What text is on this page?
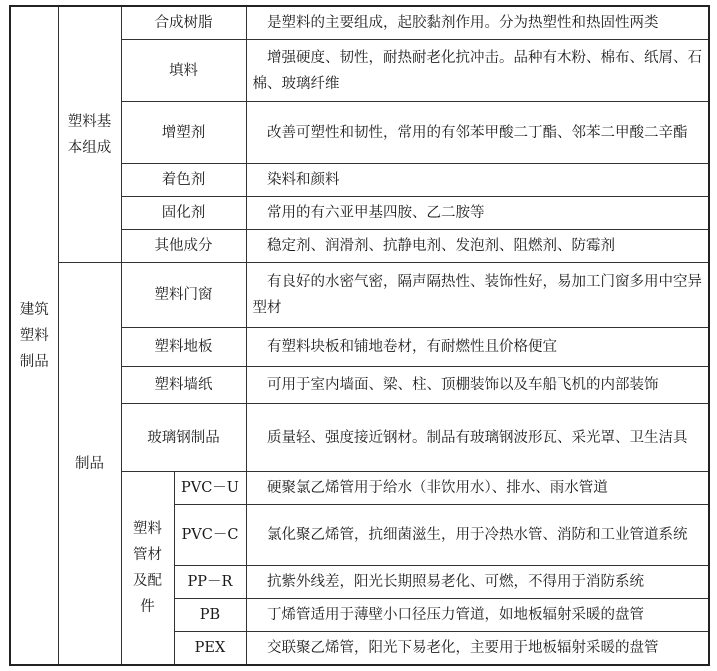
建筑塑料制品	塑料基本组成	合成树脂		是塑料的主要组成，起胶黏剂作用。分为热塑性和热固性两类
		填料		增强硬度、韧性，耐热耐老化抗冲击。品种有木粉、棉布、纸屑、石棉、玻璃纤维
		增塑剂		改善可塑性和韧性，常用的有邻苯甲酸二丁酯、邻苯二甲酸二辛酯
		着色剂		染料和颜料
		固化剂		常用的有六亚甲基四胺、乙二胺等
		其他成分		稳定剂、润滑剂、抗静电剂、发泡剂、阻燃剂、防霉剂
	制品	塑料门窗		有良好的水密气密，隔声隔热性、装饰性好，易加工门窗多用中空异型材
		塑料地板		有塑料块板和铺地卷材，有耐燃性且价格便宜
		塑料墙纸		可用于室内墙面、梁、柱、顶棚装饰以及车船飞机的内部装饰
		玻璃钢制品		质量轻、强度接近钢材。制品有玻璃钢波形瓦、采光罩、卫生洁具
		塑料管材及配件	PVC－U	硬聚氯乙烯管用于给水（非饮用水）、排水、雨水管道
			PVC－C	氯化聚乙烯管，抗细菌滋生，用于冷热水管、消防和工业管道系统
			PP－R	抗紫外线差，阳光长期照易老化、可燃，不得用于消防系统
			PB	丁烯管适用于薄壁小口径压力管道，如地板辐射采暖的盘管
			PEX	交联聚乙烯管，阳光下易老化，主要用于地板辐射采暖的盘管
